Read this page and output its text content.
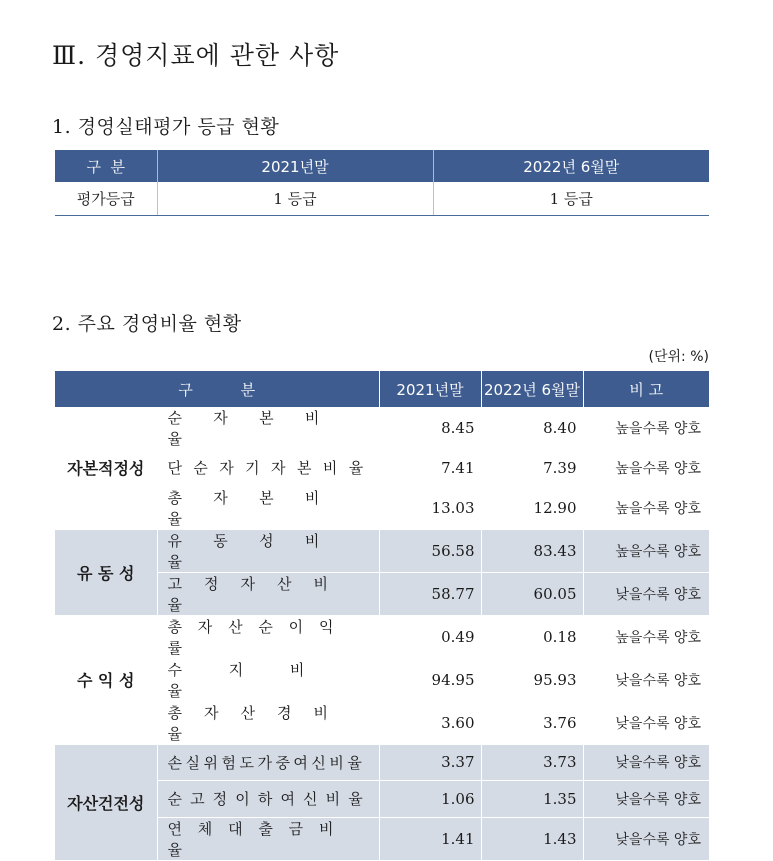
Ⅲ. 경영지표에 관한 사항
1. 경영실태평가 등급 현황
구  분	2021년말	2022년 6월말
평가등급	1 등급	1 등급
2. 주요 경영비율 현황
(단위: %)
구          분		2021년말	2022년 6월말	비 고
자본적정성	순자본비율	8.45	8.40	높을수록 양호
	단순자기자본비율	7.41	7.39	높을수록 양호
	총자본비율	13.03	12.90	높을수록 양호
유 동 성	유동성비율	56.58	83.43	높을수록 양호
	고정자산비율	58.77	60.05	낮을수록 양호
수 익 성	총자산순이익률	0.49	0.18	높을수록 양호
	수지비율	94.95	95.93	낮을수록 양호
	총자산경비율	3.60	3.76	낮을수록 양호
자산건전성	손실위험도가중여신비율	3.37	3.73	낮을수록 양호
	순고정이하여신비율	1.06	1.35	낮을수록 양호
	연체대출금비율	1.41	1.43	낮을수록 양호
